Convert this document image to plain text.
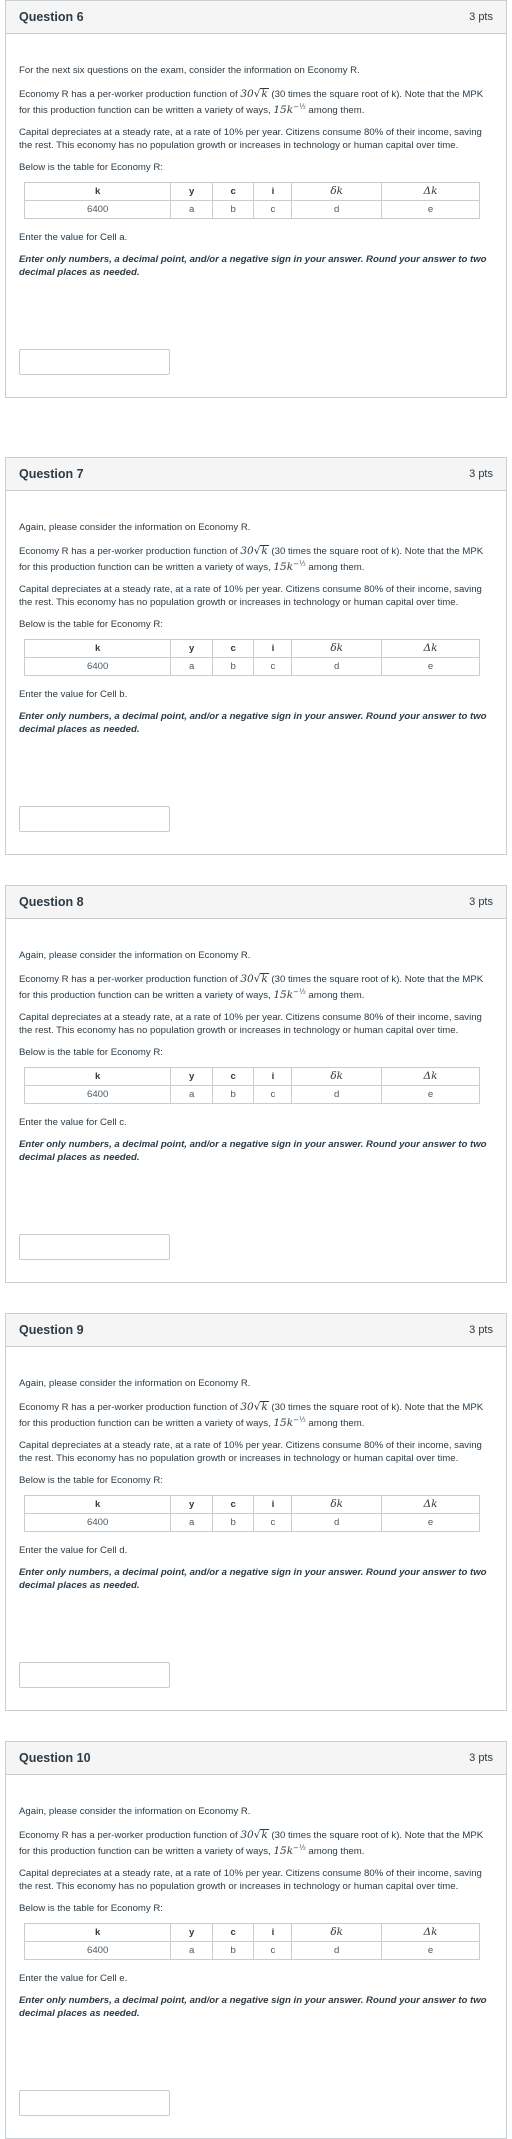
Question 6	3 pts

For the next six questions on the exam, consider the information on Economy R.

Economy R has a per-worker production function of 30√k (30 times the square root of k). Note that the MPK for this production function can be written a variety of ways, $15k^{-\frac{1}{2}}$ among them.

Capital depreciates at a steady rate, at a rate of 10% per year. Citizens consume 80% of their income, saving the rest. This economy has no population growth or increases in technology or human capital over time.

Below is the table for Economy R:

k	y	c	i	δk	Δk
6400	a	b	c	d	e

Enter the value for Cell a.

Enter only numbers, a decimal point, and/or a negative sign in your answer. Round your answer to two decimal places as needed.

Question 7	3 pts

Again, please consider the information on Economy R.

Economy R has a per-worker production function of 30√k (30 times the square root of k). Note that the MPK for this production function can be written a variety of ways, $15k^{-\frac{1}{2}}$ among them.

Capital depreciates at a steady rate, at a rate of 10% per year. Citizens consume 80% of their income, saving the rest. This economy has no population growth or increases in technology or human capital over time.

Below is the table for Economy R:

k	y	c	i	δk	Δk
6400	a	b	c	d	e

Enter the value for Cell b.

Enter only numbers, a decimal point, and/or a negative sign in your answer. Round your answer to two decimal places as needed.

Question 8	3 pts

Again, please consider the information on Economy R.

Economy R has a per-worker production function of 30√k (30 times the square root of k). Note that the MPK for this production function can be written a variety of ways, $15k^{-\frac{1}{2}}$ among them.

Capital depreciates at a steady rate, at a rate of 10% per year. Citizens consume 80% of their income, saving the rest. This economy has no population growth or increases in technology or human capital over time.

Below is the table for Economy R:

k	y	c	i	δk	Δk
6400	a	b	c	d	e

Enter the value for Cell c.

Enter only numbers, a decimal point, and/or a negative sign in your answer. Round your answer to two decimal places as needed.

Question 9	3 pts

Again, please consider the information on Economy R.

Economy R has a per-worker production function of 30√k (30 times the square root of k). Note that the MPK for this production function can be written a variety of ways, $15k^{-\frac{1}{2}}$ among them.

Capital depreciates at a steady rate, at a rate of 10% per year. Citizens consume 80% of their income, saving the rest. This economy has no population growth or increases in technology or human capital over time.

Below is the table for Economy R:

k	y	c	i	δk	Δk
6400	a	b	c	d	e

Enter the value for Cell d.

Enter only numbers, a decimal point, and/or a negative sign in your answer. Round your answer to two decimal places as needed.

Question 10	3 pts

Again, please consider the information on Economy R.

Economy R has a per-worker production function of 30√k (30 times the square root of k). Note that the MPK for this production function can be written a variety of ways, $15k^{-\frac{1}{2}}$ among them.

Capital depreciates at a steady rate, at a rate of 10% per year. Citizens consume 80% of their income, saving the rest. This economy has no population growth or increases in technology or human capital over time.

Below is the table for Economy R:

k	y	c	i	δk	Δk
6400	a	b	c	d	e

Enter the value for Cell e.

Enter only numbers, a decimal point, and/or a negative sign in your answer. Round your answer to two decimal places as needed.
